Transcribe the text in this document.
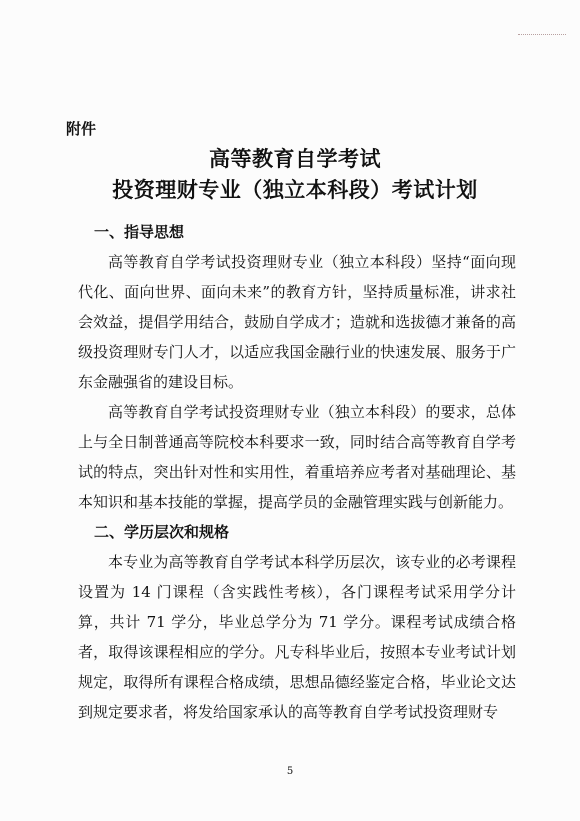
附件
高等教育自学考试
投资理财专业（独立本科段）考试计划
一、指导思想

高等教育自学考试投资理财专业（独立本科段）坚持“面向现代化、面向世界、面向未来”的教育方针，坚持质量标准，讲求社会效益，提倡学用结合，鼓励自学成才；造就和选拔德才兼备的高级投资理财专门人才，以适应我国金融行业的快速发展、服务于广东金融强省的建设目标。

高等教育自学考试投资理财专业（独立本科段）的要求，总体上与全日制普通高等院校本科要求一致，同时结合高等教育自学考试的特点，突出针对性和实用性，着重培养应考者对基础理论、基本知识和基本技能的掌握，提高学员的金融管理实践与创新能力。

二、学历层次和规格

本专业为高等教育自学考试本科学历层次，该专业的必考课程设置为 14 门课程（含实践性考核），各门课程考试采用学分计算，共计 71 学分，毕业总学分为 71 学分。课程考试成绩合格者，取得该课程相应的学分。凡专科毕业后，按照本专业考试计划规定，取得所有课程合格成绩，思想品德经鉴定合格，毕业论文达到规定要求者，将发给国家承认的高等教育自学考试投资理财专

5
